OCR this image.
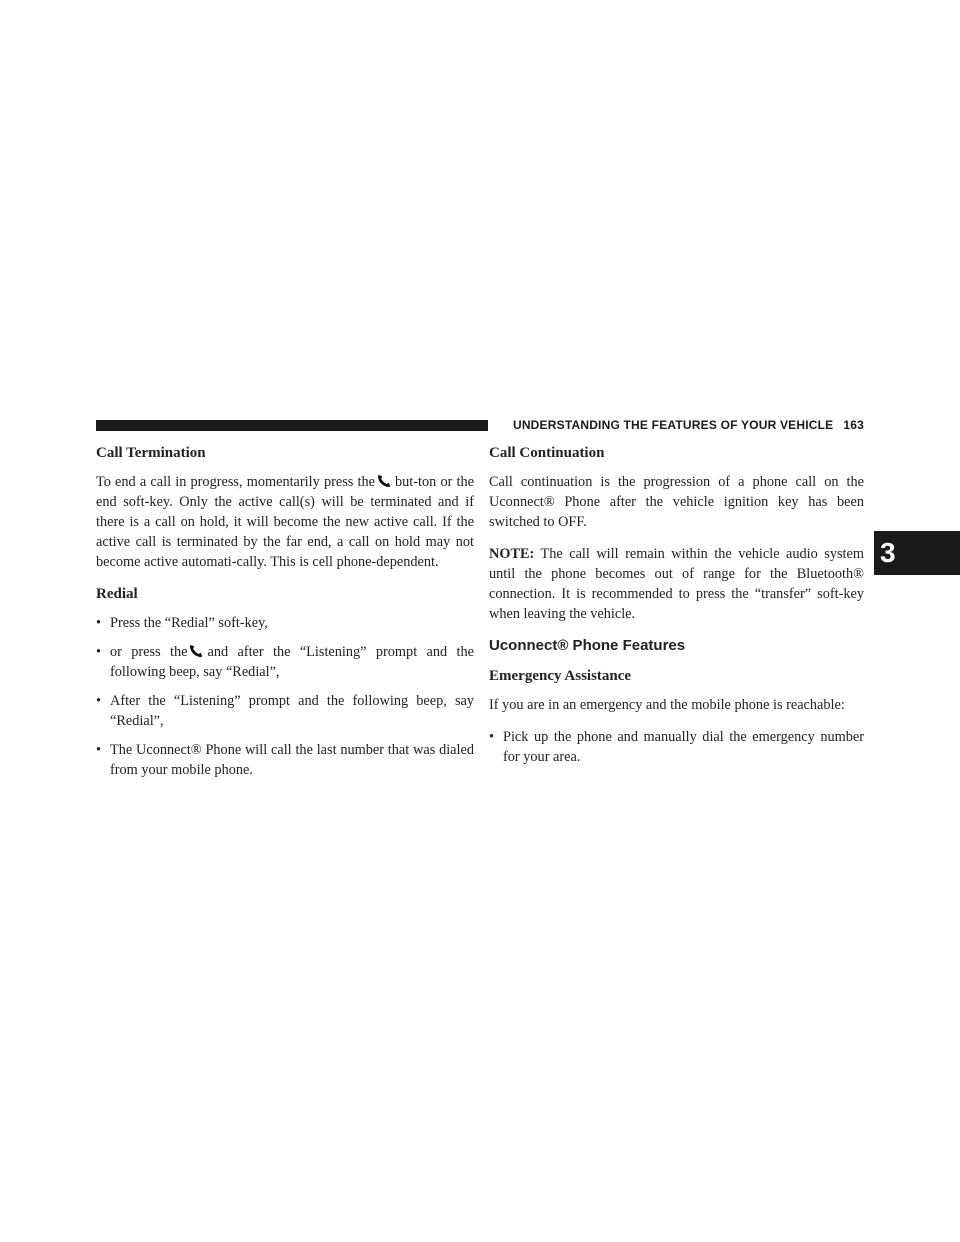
UNDERSTANDING THE FEATURES OF YOUR VEHICLE 163
3
Call Termination

To end a call in progress, momentarily press the but-ton or the end soft-key. Only the active call(s) will be terminated and if there is a call on hold, it will become the new active call. If the active call is terminated by the far end, a call on hold may not become active automati-cally. This is cell phone-dependent.

Redial
• Press the “Redial” soft-key,
• or press the and after the “Listening” prompt and the following beep, say “Redial”,
• After the “Listening” prompt and the following beep, say “Redial”,
• The Uconnect® Phone will call the last number that was dialed from your mobile phone.
Call Continuation

Call continuation is the progression of a phone call on the Uconnect® Phone after the vehicle ignition key has been switched to OFF.

NOTE: The call will remain within the vehicle audio system until the phone becomes out of range for the Bluetooth® connection. It is recommended to press the “transfer” soft-key when leaving the vehicle.

Uconnect® Phone Features
Emergency Assistance

If you are in an emergency and the mobile phone is reachable:

• Pick up the phone and manually dial the emergency number for your area.
